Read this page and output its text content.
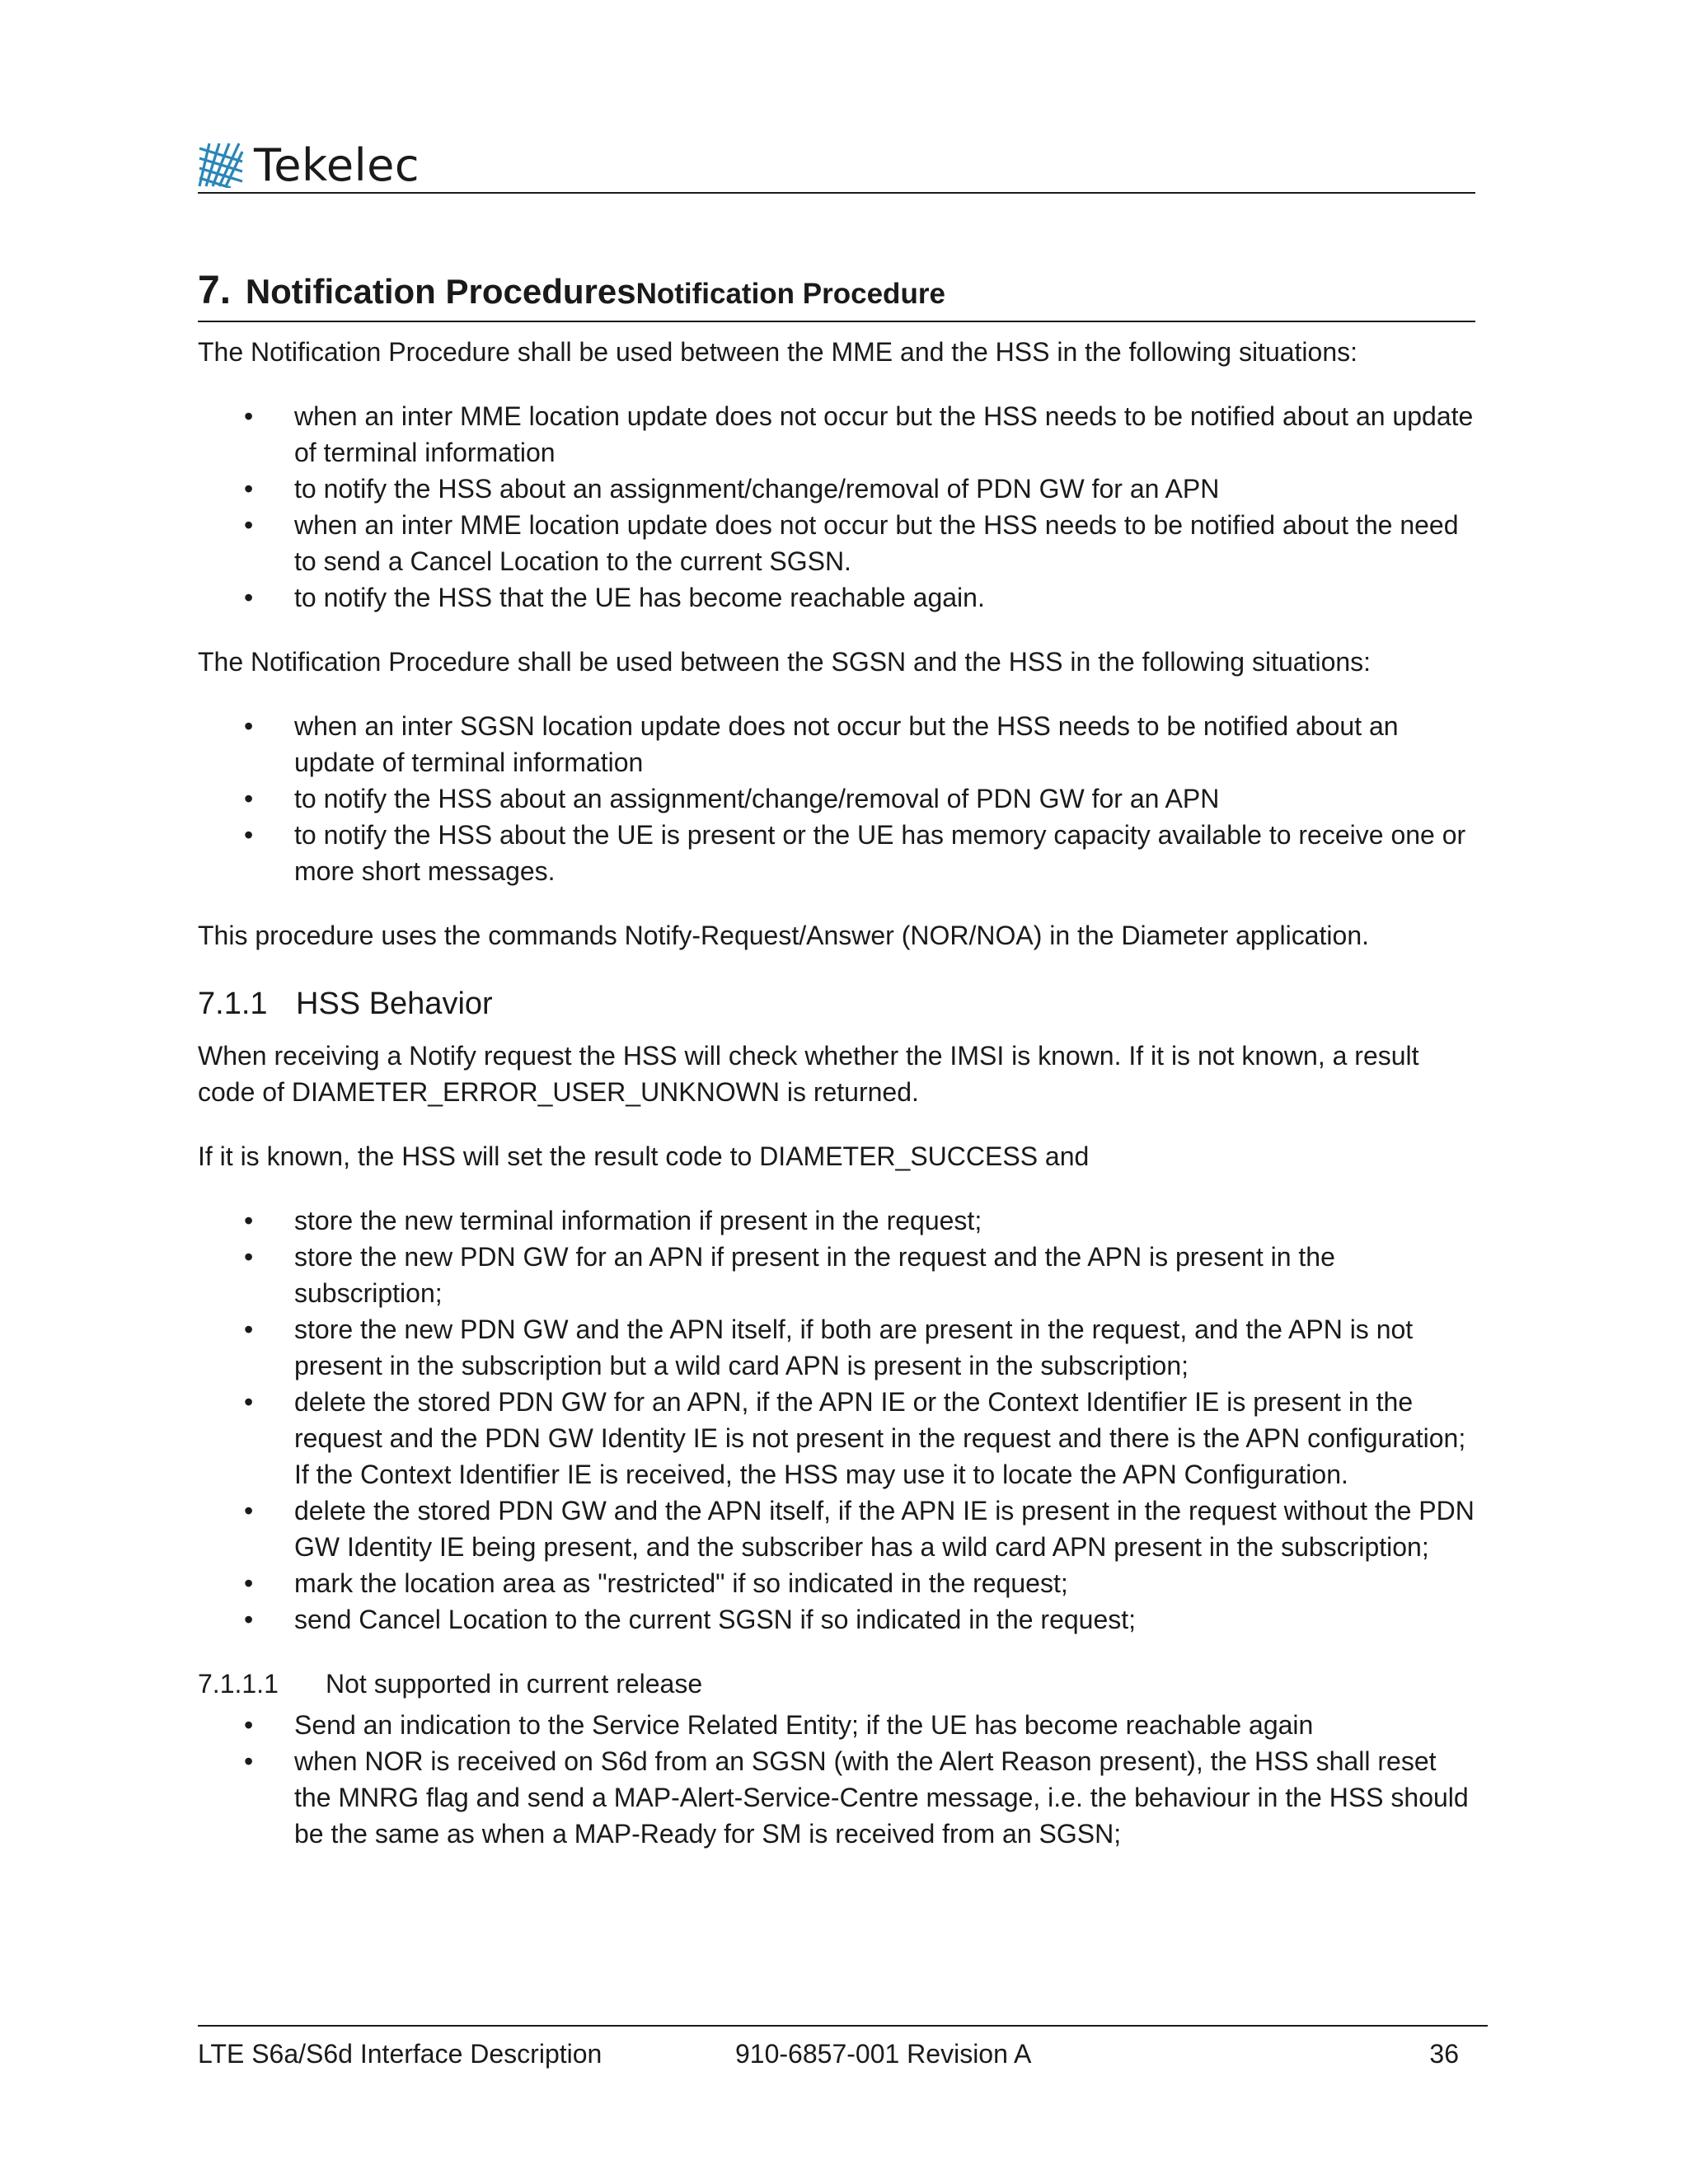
Tekelec
7. Notification ProceduresNotification Procedure

The Notification Procedure shall be used between the MME and the HSS in the following situations:

• when an inter MME location update does not occur but the HSS needs to be notified about an update of terminal information
• to notify the HSS about an assignment/change/removal of PDN GW for an APN
• when an inter MME location update does not occur but the HSS needs to be notified about the need to send a Cancel Location to the current SGSN.
• to notify the HSS that the UE has become reachable again.

The Notification Procedure shall be used between the SGSN and the HSS in the following situations:

• when an inter SGSN location update does not occur but the HSS needs to be notified about an update of terminal information
• to notify the HSS about an assignment/change/removal of PDN GW for an APN
• to notify the HSS about the UE is present or the UE has memory capacity available to receive one or more short messages.

This procedure uses the commands Notify-Request/Answer (NOR/NOA) in the Diameter application.

7.1.1 HSS Behavior

When receiving a Notify request the HSS will check whether the IMSI is known. If it is not known, a result code of DIAMETER_ERROR_USER_UNKNOWN is returned.

If it is known, the HSS will set the result code to DIAMETER_SUCCESS and

• store the new terminal information if present in the request;
• store the new PDN GW for an APN if present in the request and the APN is present in the subscription;
• store the new PDN GW and the APN itself, if both are present in the request, and the APN is not present in the subscription but a wild card APN is present in the subscription;
• delete the stored PDN GW for an APN, if the APN IE or the Context Identifier IE is present in the request and the PDN GW Identity IE is not present in the request and there is the APN configuration; If the Context Identifier IE is received, the HSS may use it to locate the APN Configuration.
• delete the stored PDN GW and the APN itself, if the APN IE is present in the request without the PDN GW Identity IE being present, and the subscriber has a wild card APN present in the subscription;
• mark the location area as "restricted" if so indicated in the request;
• send Cancel Location to the current SGSN if so indicated in the request;
7.1.1.1 Not supported in current release
• Send an indication to the Service Related Entity; if the UE has become reachable again
• when NOR is received on S6d from an SGSN (with the Alert Reason present), the HSS shall reset the MNRG flag and send a MAP-Alert-Service-Centre message, i.e. the behaviour in the HSS should be the same as when a MAP-Ready for SM is received from an SGSN;
LTE S6a/S6d Interface Description	910-6857-001 Revision A	36
